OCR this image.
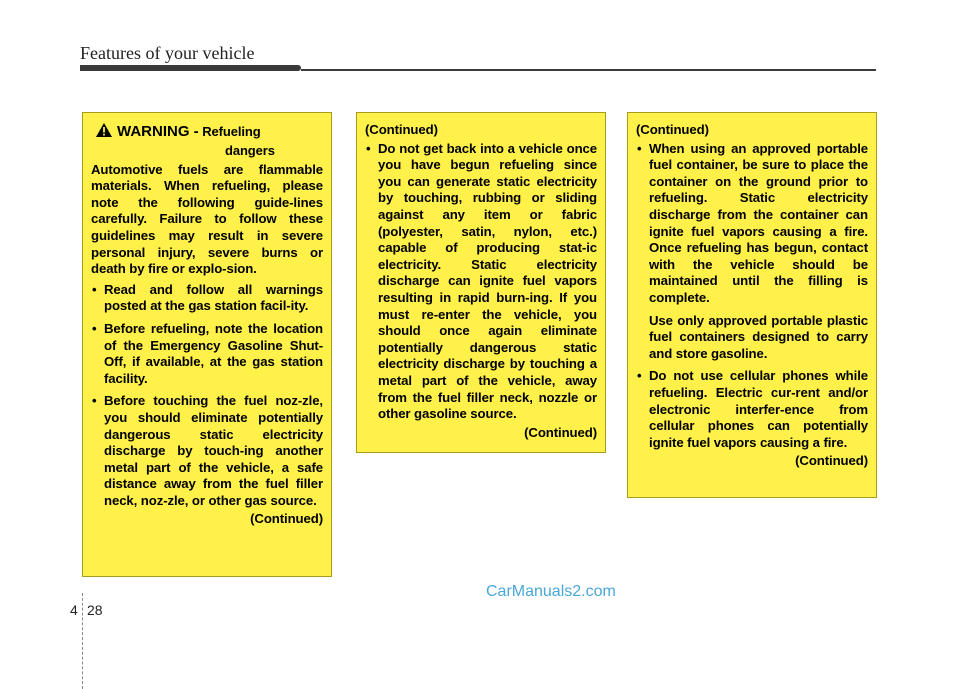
Features of your vehicle
WARNING - Refueling
dangers
Automotive fuels are flammable materials. When refueling, please note the following guide-lines carefully. Failure to follow these guidelines may result in severe personal injury, severe burns or death by fire or explo-sion.
• Read and follow all warnings posted at the gas station facil-ity.
• Before refueling, note the location of the Emergency Gasoline Shut-Off, if available, at the gas station facility.
• Before touching the fuel noz-zle, you should eliminate potentially dangerous static electricity discharge by touch-ing another metal part of the vehicle, a safe distance away from the fuel filler neck, noz-zle, or other gas source.
(Continued)
(Continued)
• Do not get back into a vehicle once you have begun refueling since you can generate static electricity by touching, rubbing or sliding against any item or fabric (polyester, satin, nylon, etc.) capable of producing stat-ic electricity. Static electricity discharge can ignite fuel vapors resulting in rapid burn-ing. If you must re-enter the vehicle, you should once again eliminate potentially dangerous static electricity discharge by touching a metal part of the vehicle, away from the fuel filler neck, nozzle or other gasoline source.
(Continued)
(Continued)
• When using an approved portable fuel container, be sure to place the container on the ground prior to refueling. Static electricity discharge from the container can ignite fuel vapors causing a fire. Once refueling has begun, contact with the vehicle should be maintained until the filling is complete.
Use only approved portable plastic fuel containers designed to carry and store gasoline.
• Do not use cellular phones while refueling. Electric cur-rent and/or electronic interfer-ence from cellular phones can potentially ignite fuel vapors causing a fire.
(Continued)
CarManuals2.com
4 28
